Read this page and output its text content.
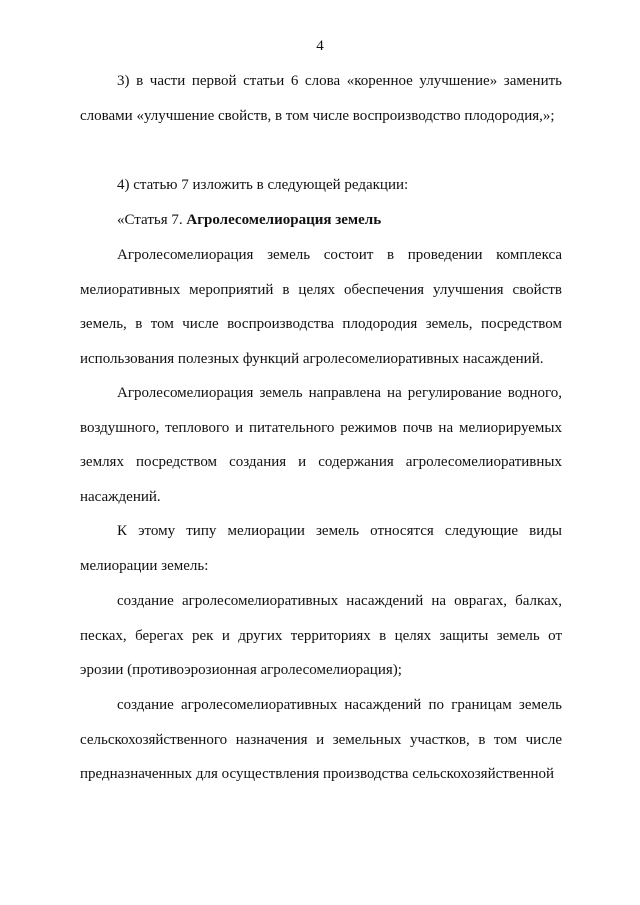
4

3) в части первой статьи 6 слова «коренное улучшение» заменить словами «улучшение свойств, в том числе воспроизводство плодородия,»;

4) статью 7 изложить в следующей редакции:

«Статья 7. Агролесомелиорация земель

Агролесомелиорация земель состоит в проведении комплекса мелиоративных мероприятий в целях обеспечения улучшения свойств земель, в том числе воспроизводства плодородия земель, посредством использования полезных функций агролесомелиоративных насаждений.

Агролесомелиорация земель направлена на регулирование водного, воздушного, теплового и питательного режимов почв на мелиорируемых землях посредством создания и содержания агролесомелиоративных насаждений.

К этому типу мелиорации земель относятся следующие виды мелиорации земель:

создание агролесомелиоративных насаждений на оврагах, балках, песках, берегах рек и других территориях в целях защиты земель от эрозии (противоэрозионная агролесомелиорация);

создание агролесомелиоративных насаждений по границам земель сельскохозяйственного назначения и земельных участков, в том числе предназначенных для осуществления производства сельскохозяйственной
